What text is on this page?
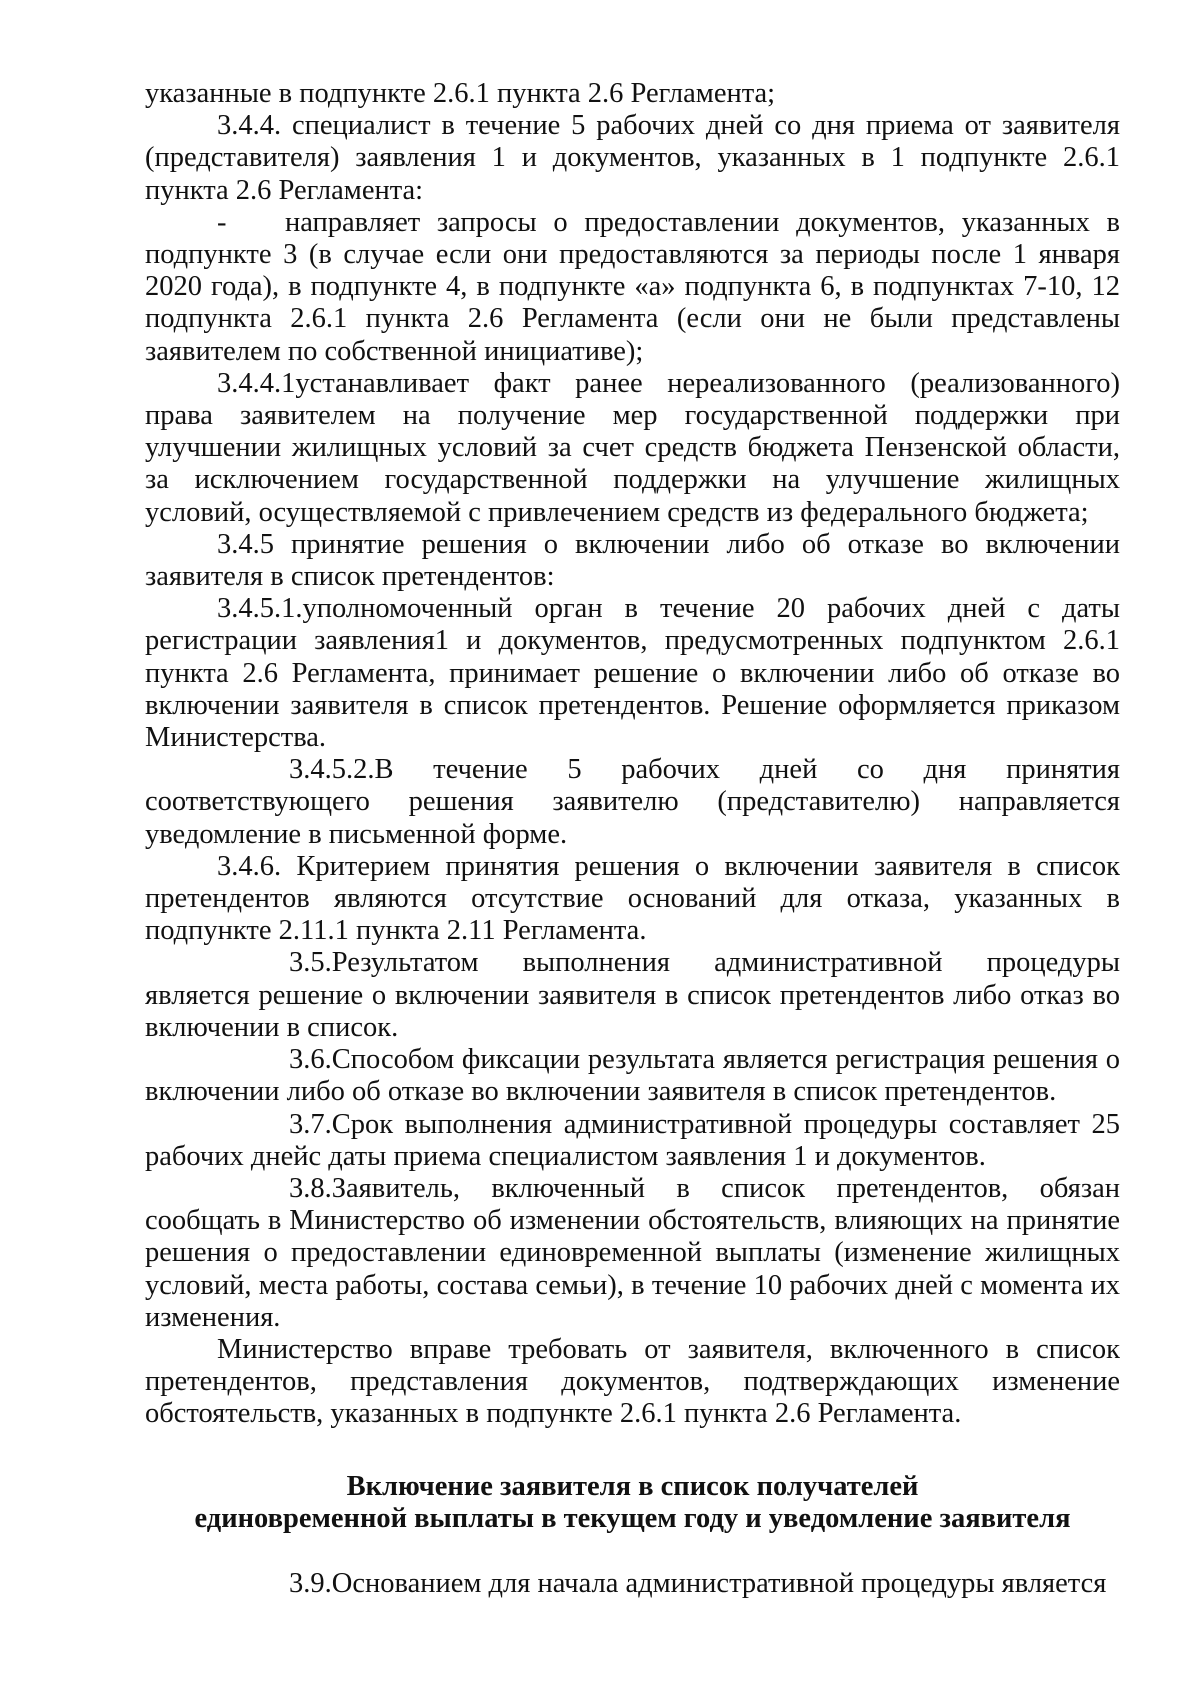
указанные в подпункте 2.6.1 пункта 2.6 Регламента;

3.4.4. специалист в течение 5 рабочих дней со дня приема от заявителя (представителя) заявления 1 и документов, указанных в 1 подпункте 2.6.1 пункта 2.6 Регламента:

- направляет запросы о предоставлении документов, указанных в подпункте 3 (в случае если они предоставляются за периоды после 1 января 2020 года), в подпункте 4, в подпункте «а» подпункта 6, в подпунктах 7-10, 12 подпункта 2.6.1 пункта 2.6 Регламента (если они не были представлены заявителем по собственной инициативе);

3.4.4.1устанавливает факт ранее нереализованного (реализованного) права заявителем на получение мер государственной поддержки при улучшении жилищных условий за счет средств бюджета Пензенской области, за исключением государственной поддержки на улучшение жилищных условий, осуществляемой с привлечением средств из федерального бюджета;

3.4.5 принятие решения о включении либо об отказе во включении заявителя в список претендентов:

3.4.5.1.уполномоченный орган в течение 20 рабочих дней с даты регистрации заявления1 и документов, предусмотренных подпунктом 2.6.1 пункта 2.6 Регламента, принимает решение о включении либо об отказе во включении заявителя в список претендентов. Решение оформляется приказом Министерства.

3.4.5.2.В течение 5 рабочих дней со дня принятия соответствующего решения заявителю (представителю) направляется уведомление в письменной форме.

3.4.6. Критерием принятия решения о включении заявителя в список претендентов являются отсутствие оснований для отказа, указанных в подпункте 2.11.1 пункта 2.11 Регламента.

3.5.Результатом выполнения административной процедуры является решение о включении заявителя в список претендентов либо отказ во включении в список.

3.6.Способом фиксации результата является регистрация решения о включении либо об отказе во включении заявителя в список претендентов.

3.7.Срок выполнения административной процедуры составляет 25 рабочих днейс даты приема специалистом заявления 1 и документов.

3.8.Заявитель, включенный в список претендентов, обязан сообщать в Министерство об изменении обстоятельств, влияющих на принятие решения о предоставлении единовременной выплаты (изменение жилищных условий, места работы, состава семьи), в течение 10 рабочих дней с момента их изменения.

Министерство вправе требовать от заявителя, включенного в список претендентов, представления документов, подтверждающих изменение обстоятельств, указанных в подпункте 2.6.1 пункта 2.6 Регламента.

Включение заявителя в список получателей
единовременной выплаты в текущем году и уведомление заявителя

3.9.Основанием для начала административной процедуры является
